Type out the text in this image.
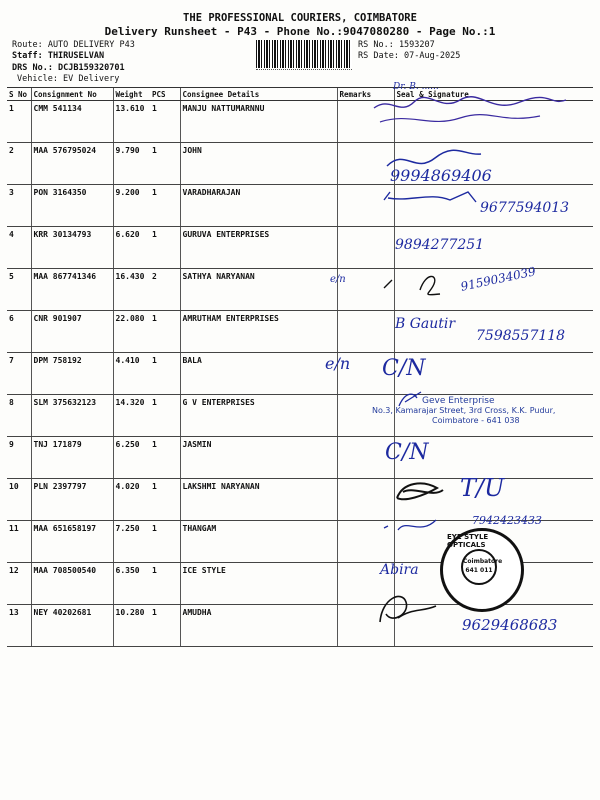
THE PROFESSIONAL COURIERS, COIMBATORE
Delivery Runsheet - P43 - Phone No.:9047080280 - Page No.:1
Route: AUTO DELIVERY P43
Staff: THIRUSELVAN
DRS No.: DCJB159320701
Vehicle: EV Delivery
RS No.: 1593207
RS Date: 07-Aug-2025
S No	Consignment No	Weight	PCS	Consignee Details	Remarks	Seal & Signature
1	CMM 541134	13.610	1	MANJU NATTUMARNNU		
2	MAA 576795024	9.790	1	JOHN		
3	PON 3164350	9.200	1	VARADHARAJAN		
4	KRR 30134793	6.620	1	GURUVA ENTERPRISES		
5	MAA 867741346	16.430	2	SATHYA NARYANAN		
6	CNR 901907	22.080	1	AMRUTHAM ENTERPRISES		
7	DPM 758192	4.410	1	BALA		
8	SLM 375632123	14.320	1	G V ENTERPRISES		
9	TNJ 171879	6.250	1	JASMIN		
10	PLN 2397797	4.020	1	LAKSHMI NARYANAN		
11	MAA 651658197	7.250	1	THANGAM		
12	MAA 708500540	6.350	1	ICE STYLE		
13	NEY 40202681	10.280	1	AMUDHA		
Dr. B. ......
9994869406
9677594013
9894277251
e/n	9159034039
B Gautir
7598557118
e/n C/N
Geve Enterprise
No.3, Kamarajar Street, 3rd Cross, K.K. Pudur,
Coimbatore - 641 038
C/N
T/U
7942423433
Abira
EYE STYLE OPTICALS
Coimbatore
641 011
9629468683
